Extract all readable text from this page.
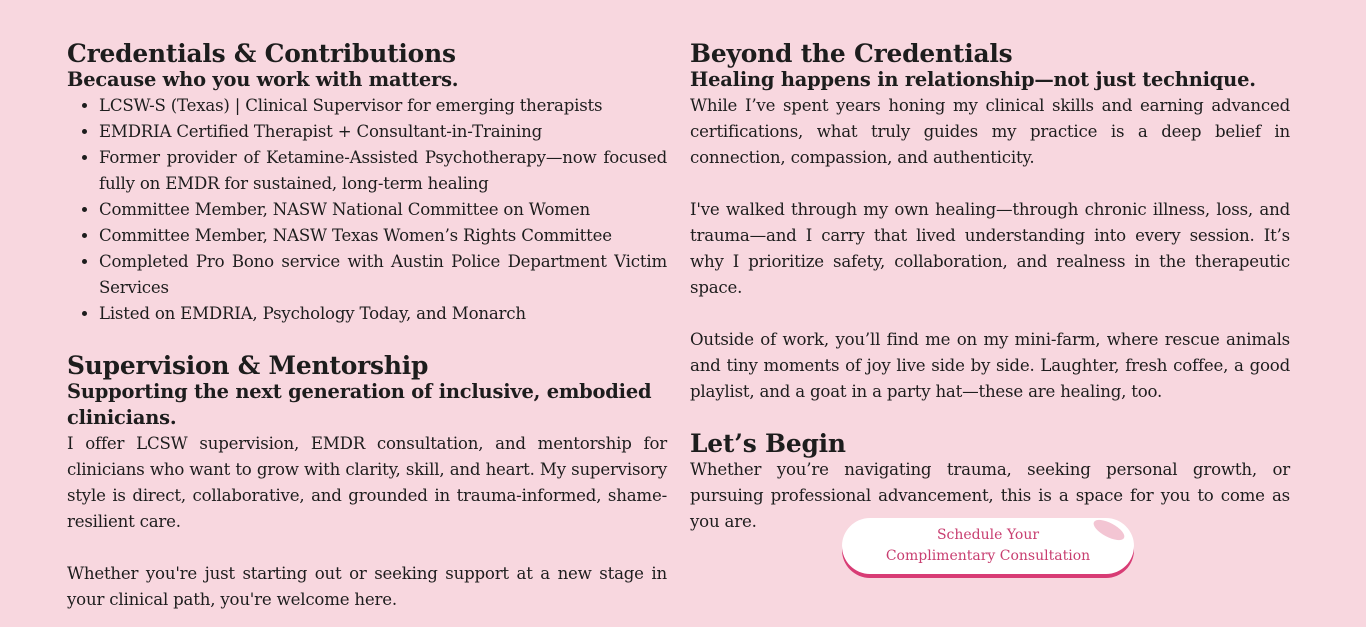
Credentials & Contributions
Because who you work with matters.
• LCSW-S (Texas) | Clinical Supervisor for emerging therapists
• EMDRIA Certified Therapist + Consultant-in-Training
• Former provider of Ketamine-Assisted Psychotherapy—now focused fully on EMDR for sustained, long-term healing
• Committee Member, NASW National Committee on Women
• Committee Member, NASW Texas Women’s Rights Committee
• Completed Pro Bono service with Austin Police Department Victim Services
• Listed on EMDRIA, Psychology Today, and Monarch
Supervision & Mentorship
Supporting the next generation of inclusive, embodied clinicians.

I offer LCSW supervision, EMDR consultation, and mentorship for clinicians who want to grow with clarity, skill, and heart. My supervisory style is direct, collaborative, and grounded in trauma-informed, shame-resilient care.

Whether you're just starting out or seeking support at a new stage in your clinical path, you're welcome here.

Beyond the Credentials
Healing happens in relationship—not just technique.

While I’ve spent years honing my clinical skills and earning advanced certifications, what truly guides my practice is a deep belief in connection, compassion, and authenticity.

I've walked through my own healing—through chronic illness, loss, and trauma—and I carry that lived understanding into every session. It’s why I prioritize safety, collaboration, and realness in the therapeutic space.

Outside of work, you’ll find me on my mini-farm, where rescue animals and tiny moments of joy live side by side. Laughter, fresh coffee, a good playlist, and a goat in a party hat—these are healing, too.

Let’s Begin

Whether you’re navigating trauma, seeking personal growth, or pursuing professional advancement, this is a space for you to come as you are.

Schedule Your Complimentary Consultation
